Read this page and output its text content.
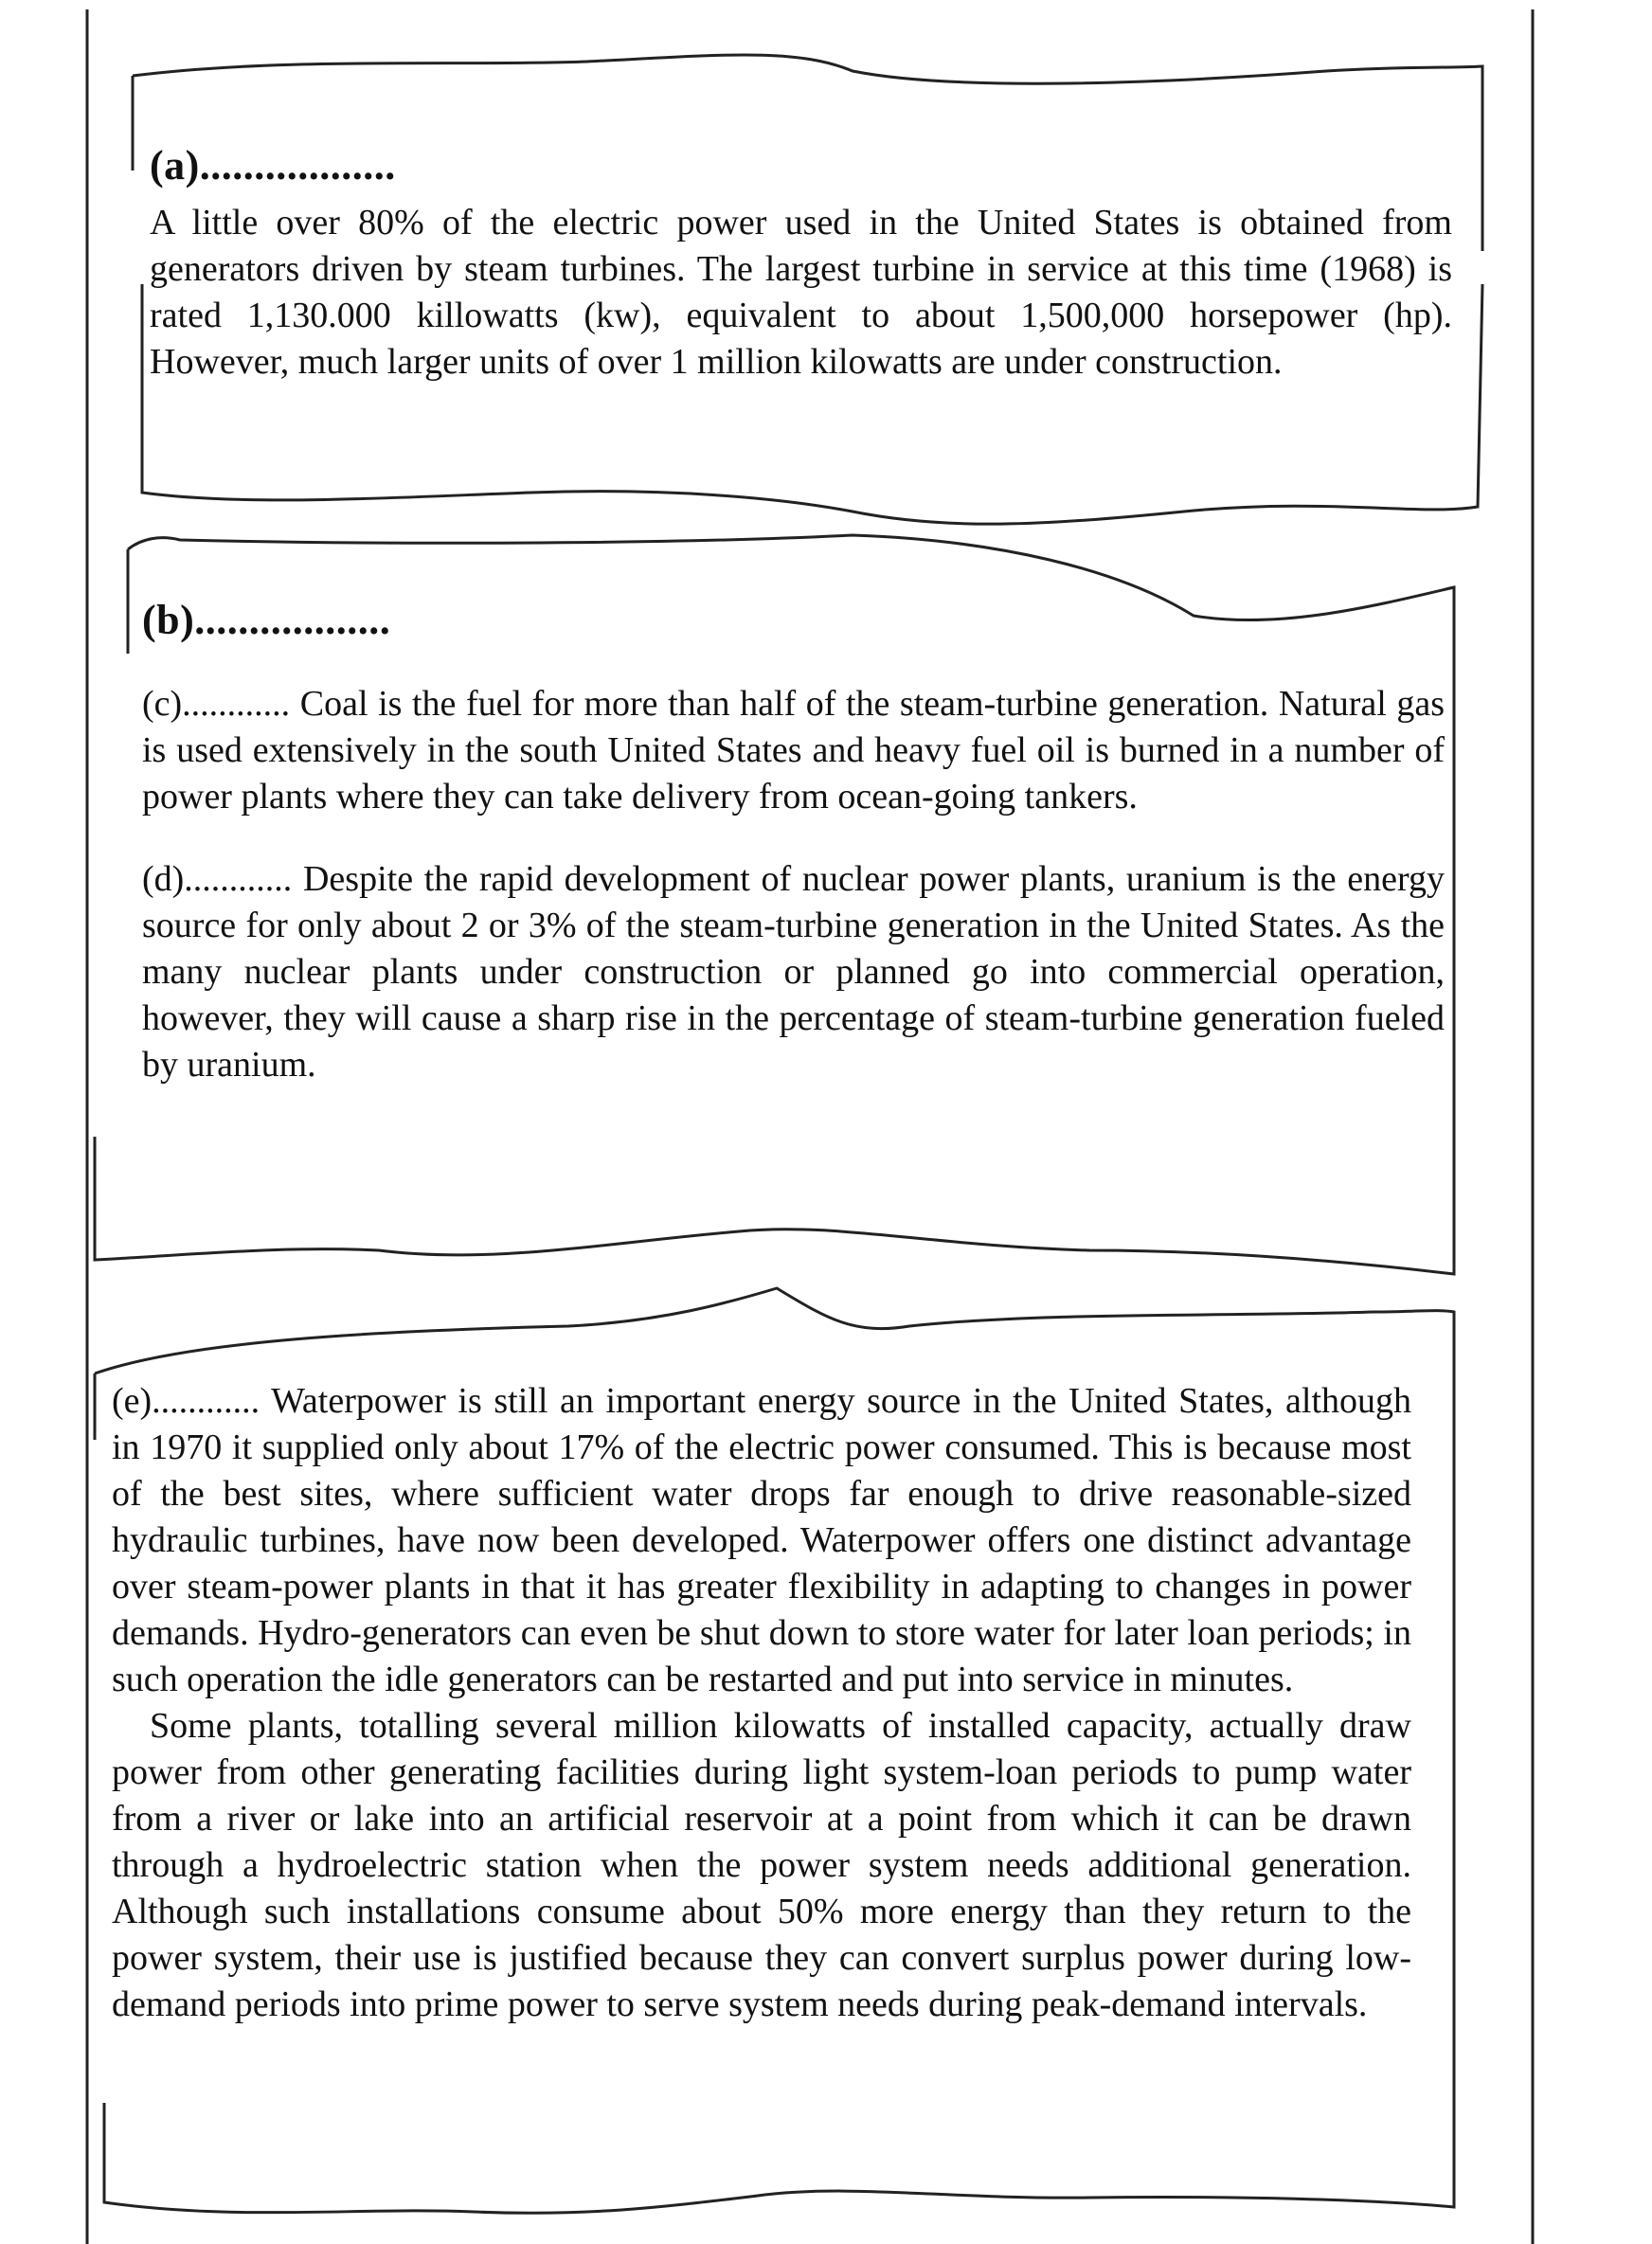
(a)..................

A little over 80% of the electric power used in the United States is obtained from generators driven by steam turbines. The largest turbine in service at this time (1968) is rated 1,130.000 killowatts (kw), equivalent to about 1,500,000 horsepower (hp). However, much larger units of over 1 million kilowatts are under construction.

(b)..................

(c)............ Coal is the fuel for more than half of the steam-turbine generation. Natural gas is used extensively in the south United States and heavy fuel oil is burned in a number of power plants where they can take delivery from ocean-going tankers.

(d)............ Despite the rapid development of nuclear power plants, uranium is the energy source for only about 2 or 3% of the steam-turbine generation in the United States. As the many nuclear plants under construction or planned go into commercial operation, however, they will cause a sharp rise in the percentage of steam-turbine generation fueled by uranium.

(e)............ Waterpower is still an important energy source in the United States, although in 1970 it supplied only about 17% of the electric power consumed. This is because most of the best sites, where sufficient water drops far enough to drive reasonable-sized hydraulic turbines, have now been developed. Waterpower offers one distinct advantage over steam-power plants in that it has greater flexibility in adapting to changes in power demands. Hydro-generators can even be shut down to store water for later loan periods; in such operation the idle generators can be restarted and put into service in minutes.

Some plants, totalling several million kilowatts of installed capacity, actually draw power from other generating facilities during light system-loan periods to pump water from a river or lake into an artificial reservoir at a point from which it can be drawn through a hydroelectric station when the power system needs additional generation. Although such installations consume about 50% more energy than they return to the power system, their use is justified because they can convert surplus power during low-demand periods into prime power to serve system needs during peak-demand intervals.
